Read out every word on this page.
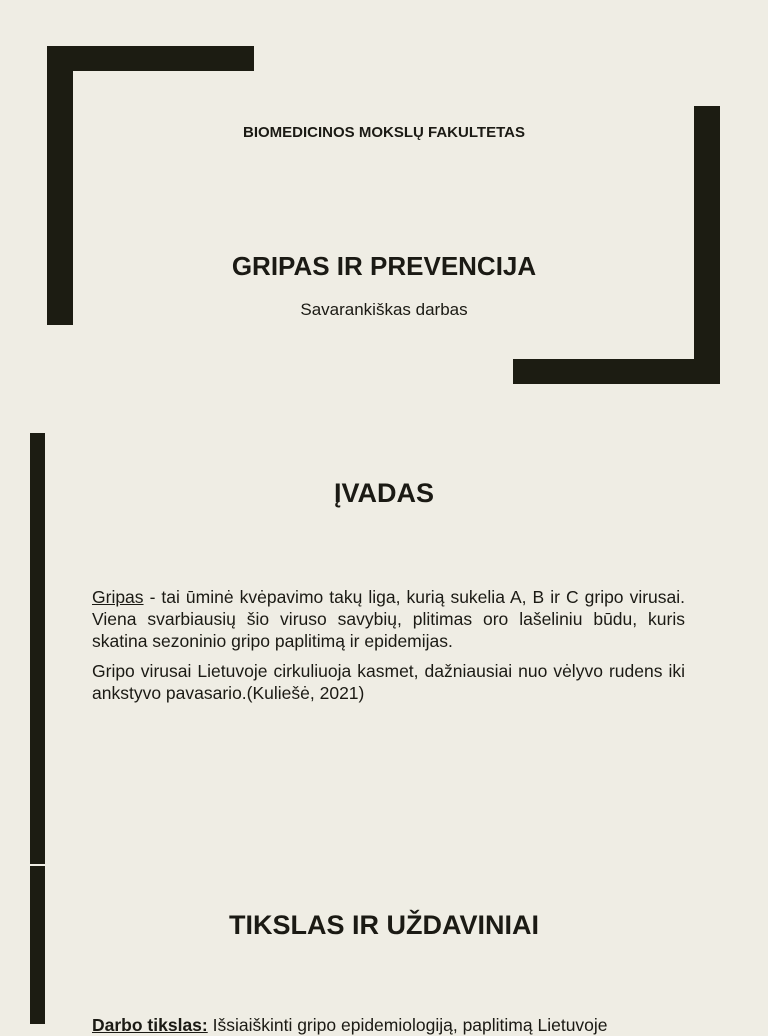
BIOMEDICINOS MOKSLŲ FAKULTETAS
GRIPAS IR PREVENCIJA
Savarankiškas darbas
ĮVADAS

Gripas - tai ūminė kvėpavimo takų liga, kurią sukelia A, B ir C gripo virusai. Viena svarbiausių šio viruso savybių, plitimas oro lašeliniu būdu, kuris skatina sezoninio gripo paplitimą ir epidemijas.

Gripo virusai Lietuvoje cirkuliuoja kasmet, dažniausiai nuo vėlyvo rudens iki ankstyvo pavasario.(Kuliešė, 2021)

TIKSLAS IR UŽDAVINIAI
Darbo tikslas: Išsiaiškinti gripo epidemiologiją, paplitimą Lietuvoje
